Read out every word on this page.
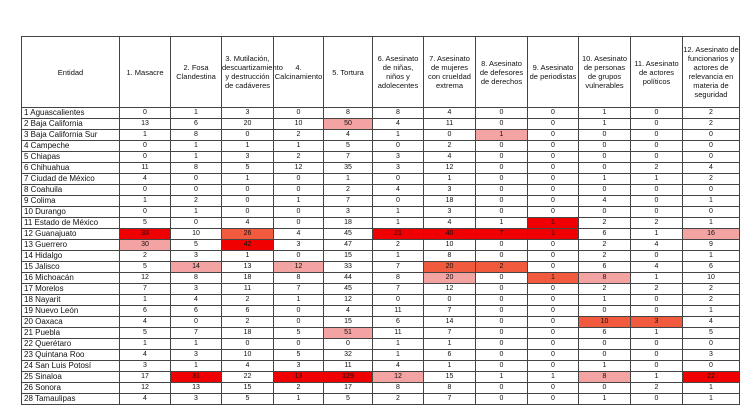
Entidad	1. Masacre	2. Fosa Clandestina	3. Mutilación, descuartizamiento y destrucción de cadáveres	4. Calcinamiento	5. Tortura	6. Asesinato de niñas, niños y adolecentes	7. Asesinato de mujeres con crueldad extrema	8. Asesinato de defesores de derechos	9. Asesinato de periodistas	10. Asesinato de personas de grupos vulnerables	11. Asesinato de actores políticos	12. Asesinato de funcionarios y actores de relevancia en materia de seguridad
1 Aguascalientes	0	1	3	0	8	8	4	0	0	1	0	2
2 Baja California	13	6	20	10	50	4	11	0	0	1	0	2
3 Baja California Sur	1	8	0	2	4	1	0	1	0	0	0	0
4 Campeche	0	1	1	1	5	0	2	0	0	0	0	0
5 Chiapas	0	1	3	2	7	3	4	0	0	0	0	0
6 Chihuahua	11	8	5	12	35	3	12	0	0	0	2	4
7 Ciudad de México	4	0	1	0	1	0	1	0	0	1	1	2
8 Coahuila	0	0	0	0	2	4	3	0	0	0	0	0
9 Colima	1	2	0	1	7	0	18	0	0	4	0	1
10 Durango	0	1	0	0	3	1	3	0	0	0	0	0
11 Estado de México	5	0	4	0	18	1	4	1	1	2	2	1
12 Guanajuato	33	10	26	4	45	21	40	7	1	6	1	16
13 Guerrero	30	5	42	3	47	2	10	0	0	2	4	9
14 Hidalgo	2	3	1	0	15	1	8	0	0	2	0	1
15 Jalisco	5	14	13	12	33	7	20	2	0	6	4	6
16 Michoacán	12	8	18	8	44	8	20	0	1	8	1	10
17 Morelos	7	3	11	7	45	7	12	0	0	2	2	2
18 Nayarit	1	4	2	1	12	0	0	0	0	1	0	2
19 Nuevo León	6	6	6	0	4	11	7	0	0	0	0	1
20 Oaxaca	4	0	2	0	15	6	14	0	0	10	3	4
21 Puebla	5	7	18	5	51	11	7	0	0	6	1	5
22 Querétaro	1	1	0	0	0	1	1	0	0	0	0	0
23 Quintana Roo	4	3	10	5	32	1	6	0	0	0	0	3
24 San Luis Potosí	3	1	4	3	11	4	1	0	0	1	0	0
25 Sinaloa	17	31	22	13	129	12	15	1	1	8	1	22
26 Sonora	12	13	15	2	17	8	8	0	0	0	2	1
28 Tamaulipas	4	3	5	1	5	2	7	0	0	1	0	1
